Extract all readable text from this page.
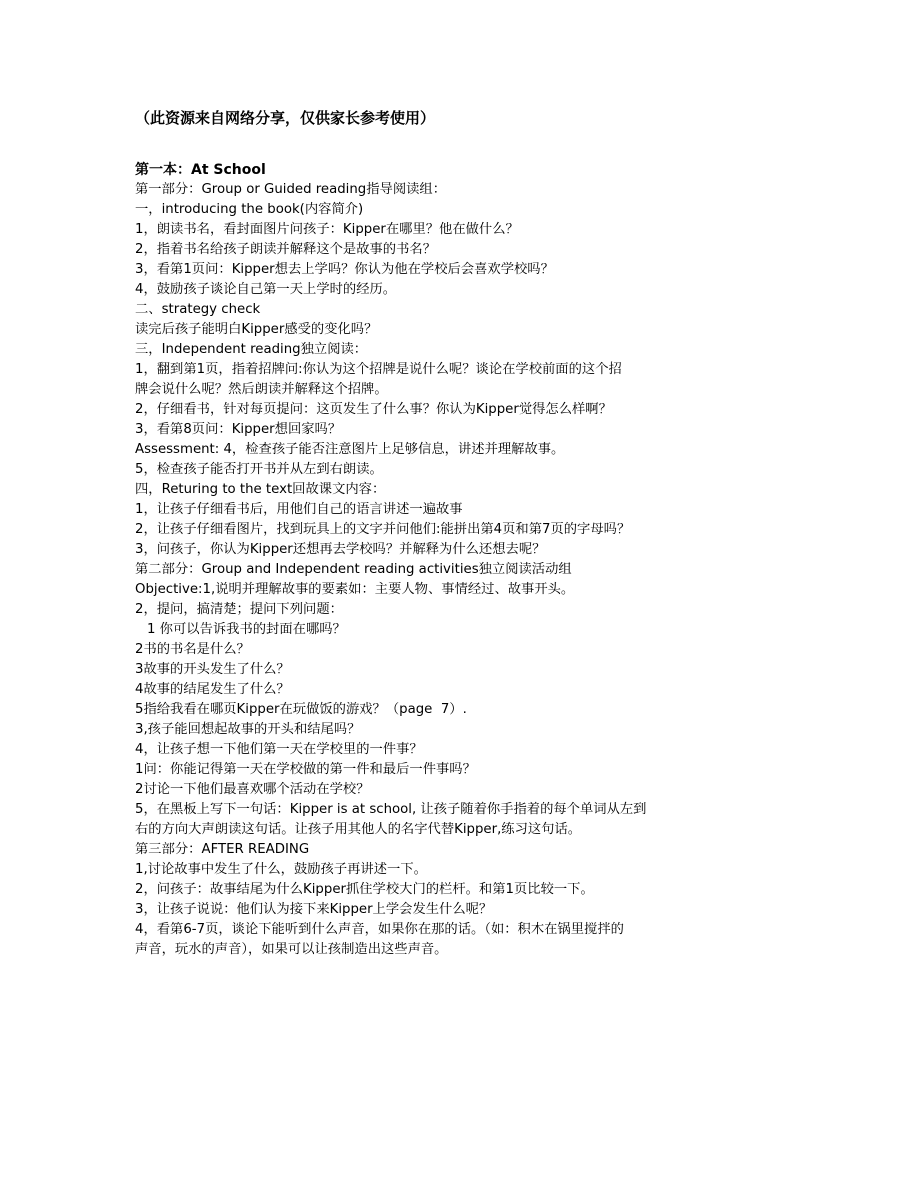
（此资源来自网络分享，仅供家长参考使用）

第一本：At School

第一部分：Group or Guided reading指导阅读组：

一，introducing the book(内容简介)

1，朗读书名，看封面图片问孩子：Kipper在哪里？他在做什么？

2，指着书名给孩子朗读并解释这个是故事的书名？

3，看第1页问：Kipper想去上学吗？你认为他在学校后会喜欢学校吗？

4，鼓励孩子谈论自己第一天上学时的经历。

二、strategy check

读完后孩子能明白Kipper感受的变化吗？

三，Independent reading独立阅读：

1，翻到第1页，指着招牌问:你认为这个招牌是说什么呢？谈论在学校前面的这个招

牌会说什么呢？然后朗读并解释这个招牌。

2，仔细看书，针对每页提问：这页发生了什么事？你认为Kipper觉得怎么样啊？

3，看第8页问：Kipper想回家吗？

Assessment: 4，检查孩子能否注意图片上足够信息，讲述并理解故事。

5，检查孩子能否打开书并从左到右朗读。

四，Returing to the text回故课文内容：

1，让孩子仔细看书后，用他们自己的语言讲述一遍故事

2，让孩子仔细看图片，找到玩具上的文字并问他们:能拼出第4页和第7页的字母吗？

3，问孩子，你认为Kipper还想再去学校吗？并解释为什么还想去呢？

第二部分：Group and Independent reading activities独立阅读活动组

Objective:1,说明并理解故事的要素如：主要人物、事情经过、故事开头。

2，提问，搞清楚；提问下列问题：

1 你可以告诉我书的封面在哪吗？

2书的书名是什么？

3故事的开头发生了什么？

4故事的结尾发生了什么？

5指给我看在哪页Kipper在玩做饭的游戏？（page  7）.

3,孩子能回想起故事的开头和结尾吗？

4，让孩子想一下他们第一天在学校里的一件事？

1问：你能记得第一天在学校做的第一件和最后一件事吗？

2讨论一下他们最喜欢哪个活动在学校？

5，在黑板上写下一句话：Kipper is at school, 让孩子随着你手指着的每个单词从左到

右的方向大声朗读这句话。让孩子用其他人的名字代替Kipper,练习这句话。

第三部分：AFTER READING

1,讨论故事中发生了什么，鼓励孩子再讲述一下。

2，问孩子：故事结尾为什么Kipper抓住学校大门的栏杆。和第1页比较一下。

3，让孩子说说：他们认为接下来Kipper上学会发生什么呢？

4，看第6-7页，谈论下能听到什么声音，如果你在那的话。（如：积木在锅里搅拌的

声音，玩水的声音），如果可以让孩制造出这些声音。
